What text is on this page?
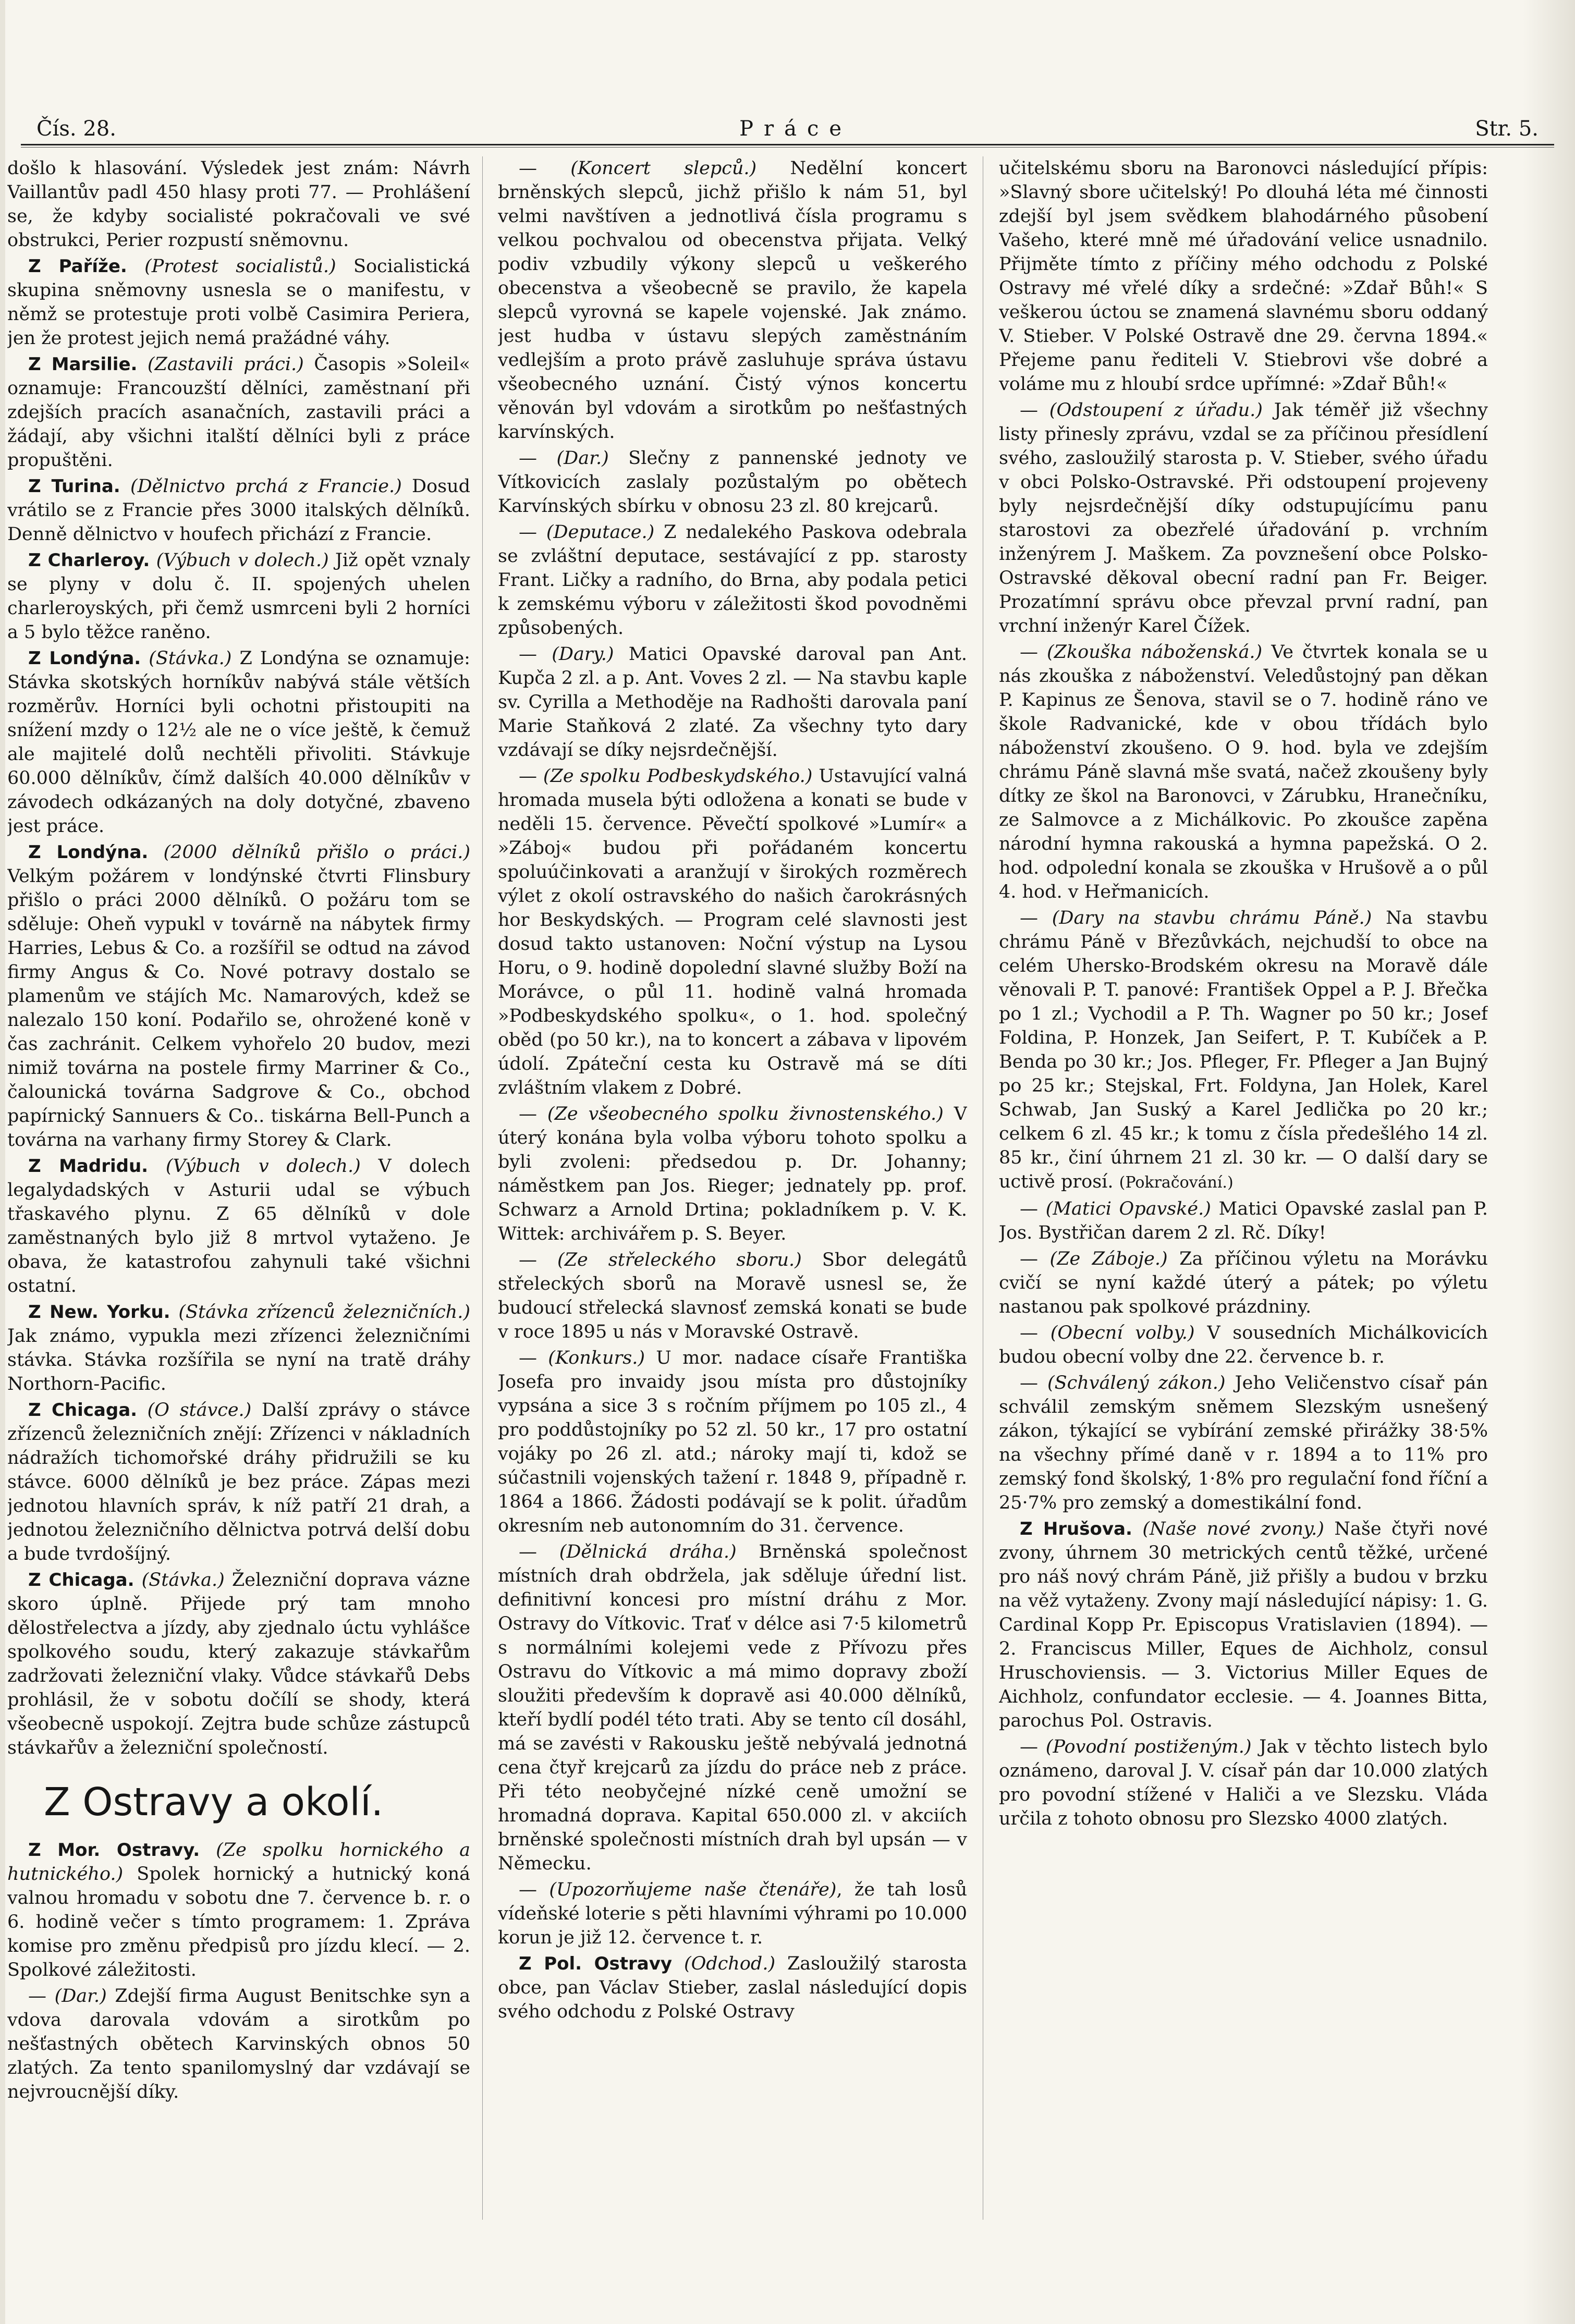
Čís. 28.	Práce	Str. 5.

došlo k hlasování. Výsledek jest znám: Návrh Vaillantův padl 450 hlasy proti 77. — Prohlášení se, že kdyby socialisté pokračovali ve své obstrukci, Perier rozpustí sněmovnu.

Z Paříže. (Protest socialistů.) Socialistická skupina sněmovny usnesla se o manifestu, v němž se protestuje proti volbě Casimira Periera, jen že protest jejich nemá pražádné váhy.

Z Marsilie. (Zastavili práci.) Časopis »Soleil« oznamuje: Francouzští dělníci, zaměstnaní při zdejších pracích asanačních, zastavili práci a žádají, aby všichni italští dělníci byli z práce propuštěni.

Z Turina. (Dělnictvo prchá z Francie.) Dosud vrátilo se z Francie přes 3000 italských dělníků. Denně dělnictvo v houfech přichází z Francie.

Z Charleroy. (Výbuch v dolech.) Již opět vznaly se plyny v dolu č. II. spojených uhelen charleroyských, při čemž usmrceni byli 2 horníci a 5 bylo těžce raněno.

Z Londýna. (Stávka.) Z Londýna se oznamuje: Stávka skotských horníkův nabývá stále větších rozměrův. Horníci byli ochotni přistoupiti na snížení mzdy o 12½ ale ne o více ještě, k čemuž ale majitelé dolů nechtěli přivoliti. Stávkuje 60.000 dělníkův, čímž dalších 40.000 dělníkův v závodech odkázaných na doly dotyčné, zbaveno jest práce.

Z Londýna. (2000 dělníků přišlo o práci.) Velkým požárem v londýnské čtvrti Flinsbury přišlo o práci 2000 dělníků. O požáru tom se sděluje: Oheň vypukl v továrně na nábytek firmy Harries, Lebus & Co. a rozšířil se odtud na závod firmy Angus & Co. Nové potravy dostalo se plamenům ve stájích Mc. Namarových, kdež se nalezalo 150 koní. Podařilo se, ohrožené koně v čas zachránit. Celkem vyhořelo 20 budov, mezi nimiž továrna na postele firmy Marriner & Co., čalounická továrna Sadgrove & Co., obchod papírnický Sannuers & Co.. tiskárna Bell-Punch a továrna na varhany firmy Storey & Clark.

Z Madridu. (Výbuch v dolech.) V dolech legalydadských v Asturii udal se výbuch třaskavého plynu. Z 65 dělníků v dole zaměstnaných bylo již 8 mrtvol vytaženo. Je obava, že katastrofou zahynuli také všichni ostatní.

Z New. Yorku. (Stávka zřízenců železničních.) Jak známo, vypukla mezi zřízenci železničními stávka. Stávka rozšířila se nyní na tratě dráhy Northorn-Pacific.

Z Chicaga. (O stávce.) Další zprávy o stávce zřízenců železničních znějí: Zřízenci v nákladních nádražích tichomořské dráhy přidružili se ku stávce. 6000 dělníků je bez práce. Zápas mezi jednotou hlavních správ, k níž patří 21 drah, a jednotou železničního dělnictva potrvá delší dobu a bude tvrdošíjný.

Z Chicaga. (Stávka.) Železniční doprava vázne skoro úplně. Přijede prý tam mnoho dělostřelectva a jízdy, aby zjednalo úctu vyhlášce spolkového soudu, který zakazuje stávkařům zadržovati železniční vlaky. Vůdce stávkařů Debs prohlásil, že v sobotu dočílí se shody, která všeobecně uspokojí. Zejtra bude schůze zástupců stávkařův a železniční společností.

Z Ostravy a okolí.

Z Mor. Ostravy. (Ze spolku hornického a hutnického.) Spolek hornický a hutnický koná valnou hromadu v sobotu dne 7. července b. r. o 6. hodině večer s tímto programem: 1. Zpráva komise pro změnu předpisů pro jízdu klecí. — 2. Spolkové záležitosti.

— (Dar.) Zdejší firma August Benitschke syn a vdova darovala vdovám a sirotkům po nešťastných obětech Karvinských obnos 50 zlatých. Za tento spanilomyslný dar vzdávají se nejvroucnější díky.

— (Koncert slepců.) Nedělní koncert brněnských slepců, jichž přišlo k nám 51, byl velmi navštíven a jednotlivá čísla programu s velkou pochvalou od obecenstva přijata. Velký podiv vzbudily výkony slepců u veškerého obecenstva a všeobecně se pravilo, že kapela slepců vyrovná se kapele vojenské. Jak známo. jest hudba v ústavu slepých zaměstnáním vedlejším a proto právě zasluhuje správa ústavu všeobecného uznání. Čistý výnos koncertu věnován byl vdovám a sirotkům po nešťastných karvínských.

— (Dar.) Slečny z pannenské jednoty ve Vítkovicích zaslaly pozůstalým po obětech Karvínských sbírku v obnosu 23 zl. 80 krejcarů.

— (Deputace.) Z nedalekého Paskova odebrala se zvláštní deputace, sestávající z pp. starosty Frant. Ličky a radního, do Brna, aby podala petici k zemskému výboru v záležitosti škod povodněmi způsobených.

— (Dary.) Matici Opavské daroval pan Ant. Kupča 2 zl. a p. Ant. Voves 2 zl. — Na stavbu kaple sv. Cyrilla a Methoděje na Radhošti darovala paní Marie Staňková 2 zlaté. Za všechny tyto dary vzdávají se díky nejsrdečnější.

— (Ze spolku Podbeskydského.) Ustavující valná hromada musela býti odložena a konati se bude v neděli 15. července. Pěvečtí spolkové »Lumír« a »Záboj« budou při pořádaném koncertu spoluúčinkovati a aranžují v širokých rozměrech výlet z okolí ostravského do našich čarokrásných hor Beskydských. — Program celé slavnosti jest dosud takto ustanoven: Noční výstup na Lysou Horu, o 9. hodině dopolední slavné služby Boží na Morávce, o půl 11. hodině valná hromada »Podbeskydského spolku«, o 1. hod. společný oběd (po 50 kr.), na to koncert a zábava v lipovém údolí. Zpáteční cesta ku Ostravě má se díti zvláštním vlakem z Dobré.

— (Ze všeobecného spolku živnostenského.) V úterý konána byla volba výboru tohoto spolku a byli zvoleni: předsedou p. Dr. Johanny; náměstkem pan Jos. Rieger; jednately pp. prof. Schwarz a Arnold Drtina; pokladníkem p. V. K. Wittek: archivářem p. S. Beyer.

— (Ze střeleckého sboru.) Sbor delegátů střeleckých sborů na Moravě usnesl se, že budoucí střelecká slavnosť zemská konati se bude v roce 1895 u nás v Moravské Ostravě.

— (Konkurs.) U mor. nadace císaře Františka Josefa pro invaidy jsou místa pro důstojníky vypsána a sice 3 s ročním příjmem po 105 zl., 4 pro poddůstojníky po 52 zl. 50 kr., 17 pro ostatní vojáky po 26 zl. atd.; nároky mají ti, kdož se súčastnili vojenských tažení r. 1848 9, případně r. 1864 a 1866. Žádosti podávají se k polit. úřadům okresním neb autonomním do 31. července.

— (Dělnická dráha.) Brněnská společnost místních drah obdržela, jak sděluje úřední list. definitivní koncesi pro místní dráhu z Mor. Ostravy do Vítkovic. Trať v délce asi 7·5 kilometrů s normálními kolejemi vede z Přívozu přes Ostravu do Vítkovic a má mimo dopravy zboží sloužiti především k dopravě asi 40.000 dělníků, kteří bydlí podél této trati. Aby se tento cíl dosáhl, má se zavésti v Rakousku ještě nebývalá jednotná cena čtyř krejcarů za jízdu do práce neb z práce. Při této neobyčejné nízké ceně umožní se hromadná doprava. Kapital 650.000 zl. v akciích brněnské společnosti místních drah byl upsán — v Německu.

— (Upozorňujeme naše čtenáře), že tah losů vídeňské loterie s pěti hlavními výhrami po 10.000 korun je již 12. července t. r.

Z Pol. Ostravy (Odchod.) Zasloužilý starosta obce, pan Václav Stieber, zaslal následující dopis svého odchodu z Polské Ostravy

učitelskému sboru na Baronovci následující přípis: »Slavný sbore učitelský! Po dlouhá léta mé činnosti zdejší byl jsem svědkem blahodárného působení Vašeho, které mně mé úřadování velice usnadnilo. Přijměte tímto z příčiny mého odchodu z Polské Ostravy mé vřelé díky a srdečné: »Zdař Bůh!« S veškerou úctou se znamená slavnému sboru oddaný V. Stieber. V Polské Ostravě dne 29. června 1894.« Přejeme panu řediteli V. Stiebrovi vše dobré a voláme mu z hloubí srdce upřímné: »Zdař Bůh!«

— (Odstoupení z úřadu.) Jak téměř již všechny listy přinesly zprávu, vzdal se za příčinou přesídlení svého, zasloužilý starosta p. V. Stieber, svého úřadu v obci Polsko-Ostravské. Při odstoupení projeveny byly nejsrdečnější díky odstupujícímu panu starostovi za obezřelé úřadování p. vrchním inženýrem J. Maškem. Za povznešení obce Polsko-Ostravské děkoval obecní radní pan Fr. Beiger. Prozatímní správu obce převzal první radní, pan vrchní inženýr Karel Čížek.

— (Zkouška náboženská.) Ve čtvrtek konala se u nás zkouška z náboženství. Veledůstojný pan děkan P. Kapinus ze Šenova, stavil se o 7. hodině ráno ve škole Radvanické, kde v obou třídách bylo náboženství zkoušeno. O 9. hod. byla ve zdejším chrámu Páně slavná mše svatá, načež zkoušeny byly dítky ze škol na Baronovci, v Zárubku, Hranečníku, ze Salmovce a z Michálkovic. Po zkoušce zapěna národní hymna rakouská a hymna papežská. O 2. hod. odpolední konala se zkouška v Hrušově a o půl 4. hod. v Heřmanicích.

— (Dary na stavbu chrámu Páně.) Na stavbu chrámu Páně v Březůvkách, nejchudší to obce na celém Uhersko-Brodském okresu na Moravě dále věnovali P. T. panové: František Oppel a P. J. Břečka po 1 zl.; Vychodil a P. Th. Wagner po 50 kr.; Josef Foldina, P. Honzek, Jan Seifert, P. T. Kubíček a P. Benda po 30 kr.; Jos. Pfleger, Fr. Pfleger a Jan Bujný po 25 kr.; Stejskal, Frt. Foldyna, Jan Holek, Karel Schwab, Jan Suský a Karel Jedlička po 20 kr.; celkem 6 zl. 45 kr.; k tomu z čísla předešlého 14 zl. 85 kr., činí úhrnem 21 zl. 30 kr. — O další dary se uctivě prosí. (Pokračování.)

— (Matici Opavské.) Matici Opavské zaslal pan P. Jos. Bystřičan darem 2 zl. Rč. Díky!

— (Ze Záboje.) Za příčinou výletu na Morávku cvičí se nyní každé úterý a pátek; po výletu nastanou pak spolkové prázdniny.

— (Obecní volby.) V sousedních Michálkovicích budou obecní volby dne 22. července b. r.

— (Schválený zákon.) Jeho Veličenstvo císař pán schválil zemským sněmem Slezským usnešený zákon, týkající se vybírání zemské přirážky 38·5% na všechny přímé daně v r. 1894 a to 11% pro zemský fond školský, 1·8% pro regulační fond říční a 25·7% pro zemský a domestikální fond.

Z Hrušova. (Naše nové zvony.) Naše čtyři nové zvony, úhrnem 30 metrických centů těžké, určené pro náš nový chrám Páně, již přišly a budou v brzku na věž vytaženy. Zvony mají následující nápisy: 1. G. Cardinal Kopp Pr. Episcopus Vratislavien (1894). — 2. Franciscus Miller, Eques de Aichholz, consul Hruschoviensis. — 3. Victorius Miller Eques de Aichholz, confundator ecclesie. — 4. Joannes Bitta, parochus Pol. Ostravis.

— (Povodní postiženým.) Jak v těchto listech bylo oznámeno, daroval J. V. císař pán dar 10.000 zlatých pro povodní stížené v Haliči a ve Slezsku. Vláda určila z tohoto obnosu pro Slezsko 4000 zlatých.
